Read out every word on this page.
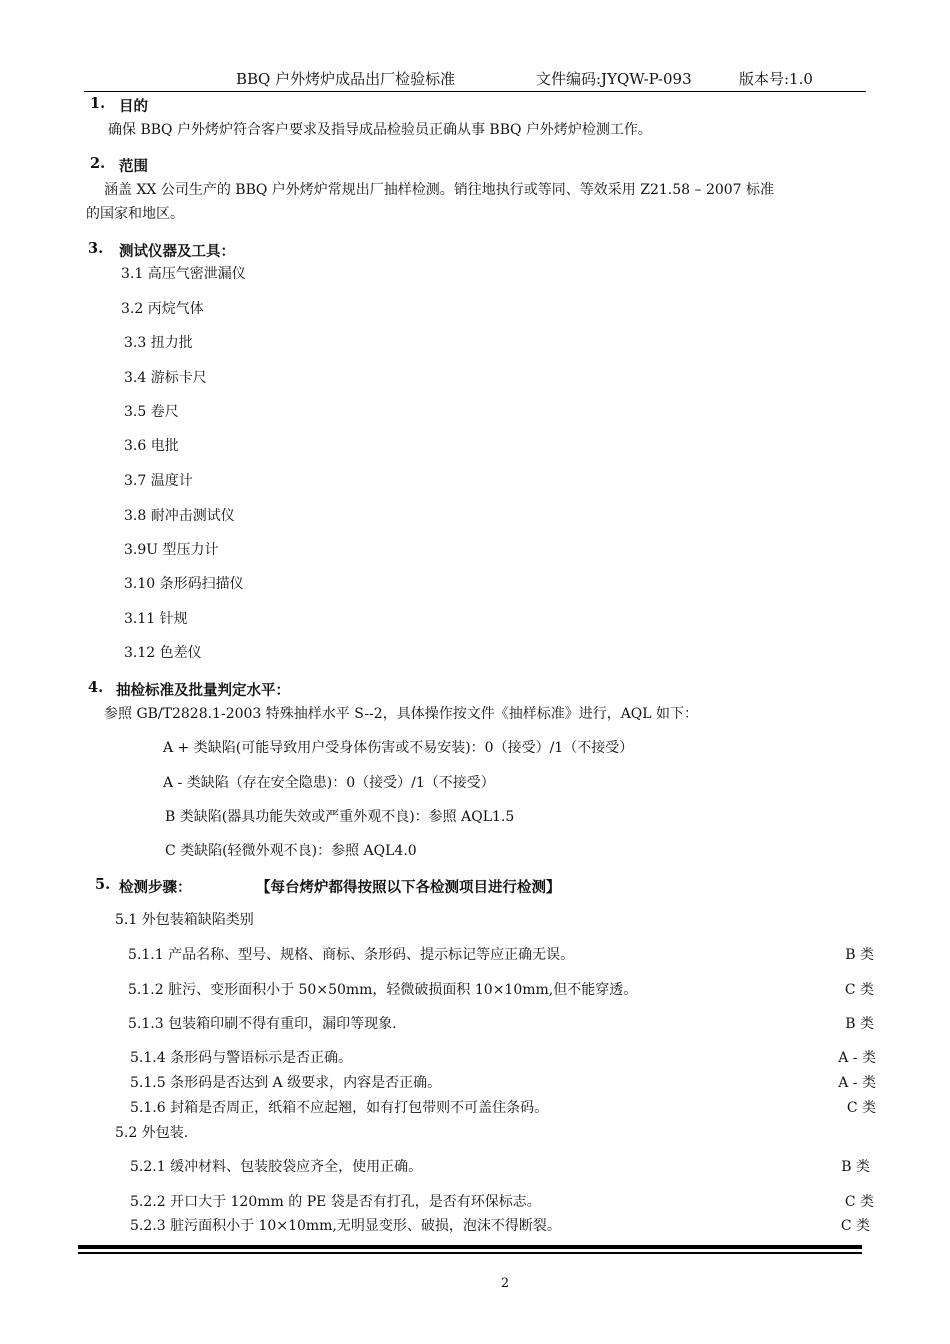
BBQ 户外烤炉成品出厂检验标准	文件编码:JYQW-P-093	版本号:1.0
1. 目的
确保 BBQ 户外烤炉符合客户要求及指导成品检验员正确从事 BBQ 户外烤炉检测工作。
2. 范围
涵盖 XX 公司生产的 BBQ 户外烤炉常规出厂抽样检测。销往地执行或等同、等效采用 Z21.58 – 2007 标准
的国家和地区。
3. 测试仪器及工具：
3.1 高压气密泄漏仪
3.2 丙烷气体
3.3 扭力批
3.4 游标卡尺
3.5 卷尺
3.6 电批
3.7 温度计
3.8 耐冲击测试仪
3.9U 型压力计
3.10 条形码扫描仪
3.11 针规
3.12 色差仪
4. 抽检标准及批量判定水平：
参照 GB/T2828.1-2003 特殊抽样水平 S--2，具体操作按文件《抽样标准》进行，AQL 如下：
A + 类缺陷(可能导致用户受身体伤害或不易安装)：0（接受）/1（不接受）
A - 类缺陷（存在安全隐患)：0（接受）/1（不接受）
B 类缺陷(器具功能失效或严重外观不良)：参照 AQL1.5
C 类缺陷(轻微外观不良)：参照 AQL4.0
5. 检测步骤：	【每台烤炉都得按照以下各检测项目进行检测】
5.1 外包装箱缺陷类别
5.1.1 产品名称、型号、规格、商标、条形码、提示标记等应正确无误。	B 类
5.1.2 脏污、变形面积小于 50×50mm，轻微破损面积 10×10mm,但不能穿透。	C 类
5.1.3 包装箱印刷不得有重印，漏印等现象.	B 类
5.1.4 条形码与警语标示是否正确。	A - 类
5.1.5 条形码是否达到 A 级要求，内容是否正确。	A - 类
5.1.6 封箱是否周正，纸箱不应起翘，如有打包带则不可盖住条码。	C 类
5.2 外包装.
5.2.1 缓冲材料、包装胶袋应齐全，使用正确。	B 类
5.2.2 开口大于 120mm 的 PE 袋是否有打孔，是否有环保标志。	C 类
5.2.3 脏污面积小于 10×10mm,无明显变形、破损，泡沫不得断裂。	C 类
2
